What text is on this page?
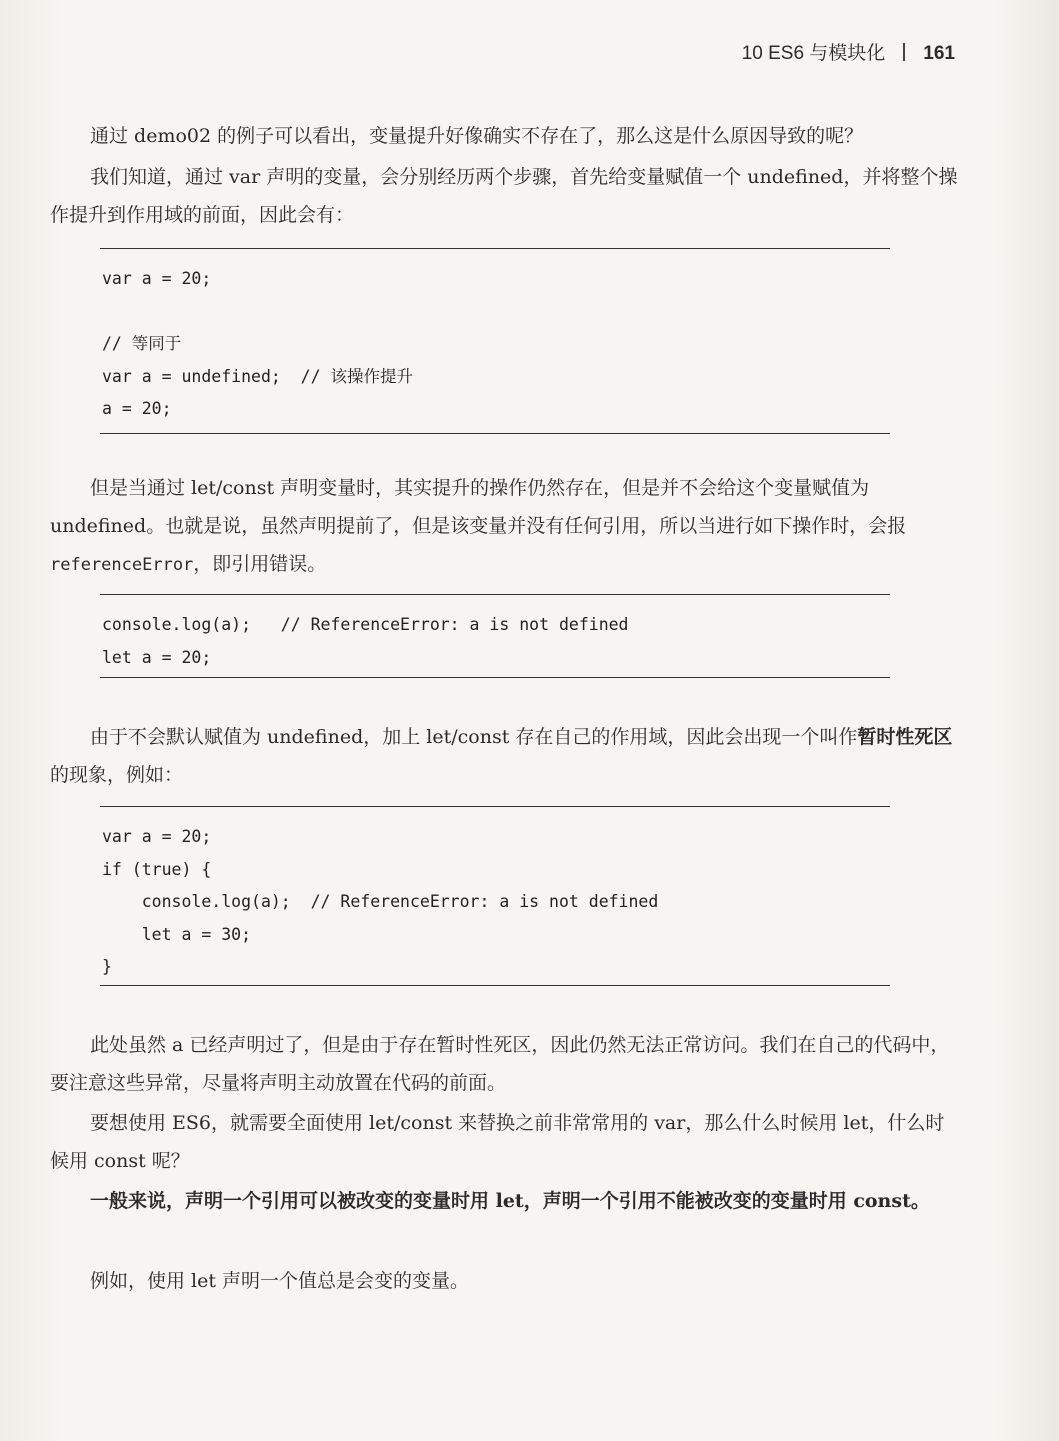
10 ES6 与模块化 161

通过 demo02 的例子可以看出，变量提升好像确实不存在了，那么这是什么原因导致的呢？

我们知道，通过 var 声明的变量，会分别经历两个步骤，首先给变量赋值一个 undefined，并将整个操作提升到作用域的前面，因此会有：

var a = 20;
// 等同于
var a = undefined;  // 该操作提升
a = 20;

但是当通过 let/const 声明变量时，其实提升的操作仍然存在，但是并不会给这个变量赋值为 undefined。也就是说，虽然声明提前了，但是该变量并没有任何引用，所以当进行如下操作时，会报 referenceError，即引用错误。

console.log(a);   // ReferenceError: a is not defined
let a = 20;

由于不会默认赋值为 undefined，加上 let/const 存在自己的作用域，因此会出现一个叫作暂时性死区的现象，例如：

var a = 20;
if (true) {
console.log(a);  // ReferenceError: a is not defined
let a = 30;
}

此处虽然 a 已经声明过了，但是由于存在暂时性死区，因此仍然无法正常访问。我们在自己的代码中，要注意这些异常，尽量将声明主动放置在代码的前面。

要想使用 ES6，就需要全面使用 let/const 来替换之前非常常用的 var，那么什么时候用 let，什么时候用 const 呢？

一般来说，声明一个引用可以被改变的变量时用 let，声明一个引用不能被改变的变量时用 const。

例如，使用 let 声明一个值总是会变的变量。
